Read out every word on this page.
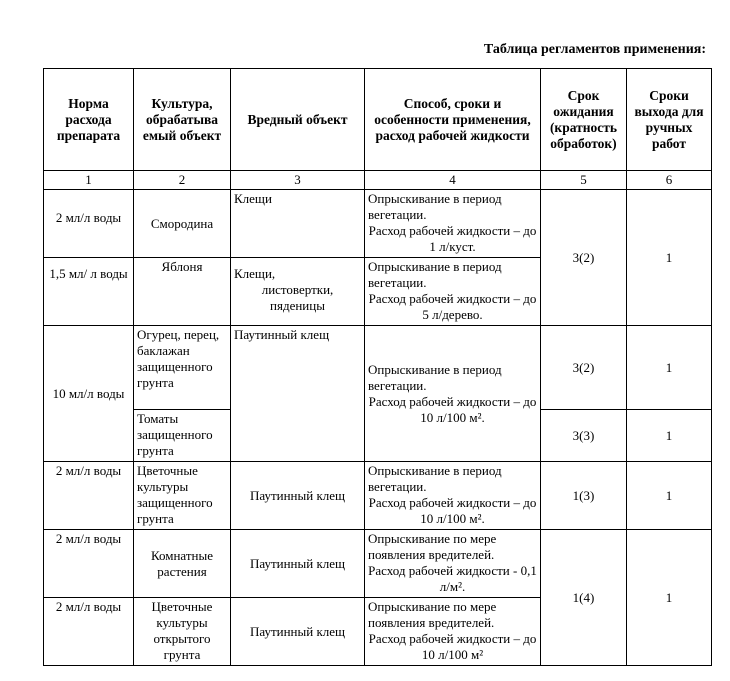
Таблица регламентов применения:
Норма расхода препарата	Культура, обрабатыва емый объект	Вредный объект	Способ, сроки и особенности применения, расход рабочей жидкости	Срок ожидания (кратность обработок)	Сроки выхода для ручных работ
1	2	3	4	5	6
2 мл/л воды	Смородина	Клещи	Опрыскивание в период вегетации.
Расход рабочей жидкости – до 1 л/куст.	3(2)	1
1,5 мл/ л воды	Яблоня	Клещи,
листовертки, пяденицы	Опрыскивание в период вегетации.
Расход рабочей жидкости – до 5 л/дерево.		

10 мл/л воды	Огурец, перец, баклажан защищенного грунта	Паутинный клещ	Опрыскивание в период вегетации.
Расход рабочей жидкости – до 10 л/100 м².	3(2)	1
	Томаты защищенного грунта			3(3)	1
2 мл/л воды	Цветочные культуры защищенного грунта	Паутинный клещ	Опрыскивание в период вегетации.
Расход рабочей жидкости – до 10 л/100 м².	1(3)	1
2 мл/л воды	Комнатные растения	Паутинный клещ	Опрыскивание по мере появления вредителей.
Расход рабочей жидкости - 0,1 л/м².	1(4)	1
2 мл/л воды	Цветочные культуры открытого грунта	Паутинный клещ	Опрыскивание по мере появления вредителей.
Расход рабочей жидкости – до 10 л/100 м²		
